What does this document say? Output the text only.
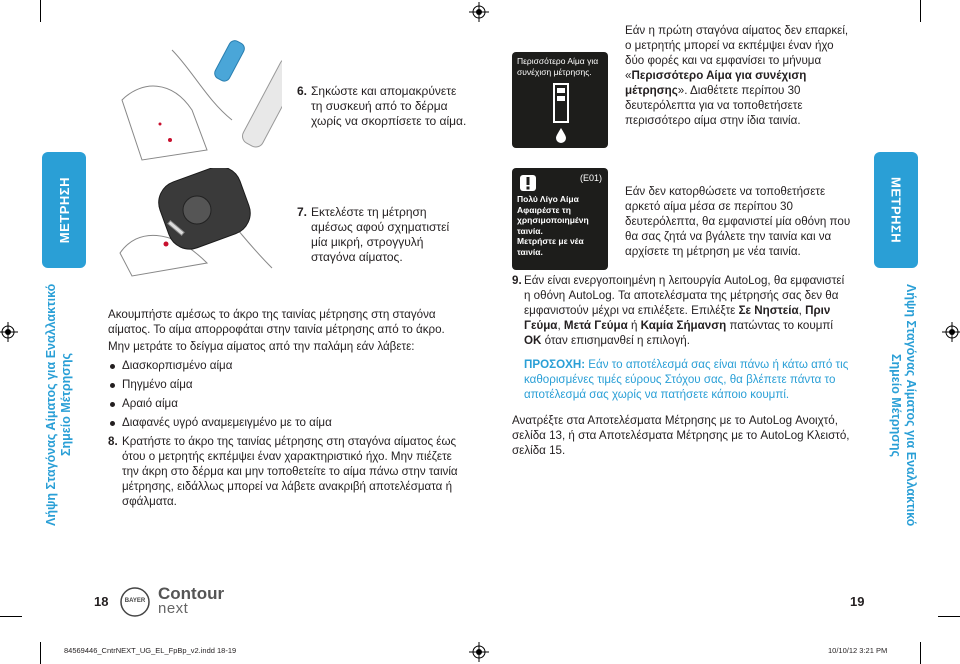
ΜΕΤΡΗΣΗ	ΜΕΤΡΗΣΗ
Λήψη Σταγόνας Αίματος για Εναλλακτικό Σημείο Μέτρησης	Λήψη Σταγόνας Αίματος για Εναλλακτικό Σημείο Μέτρησης
6. Σηκώστε και απομακρύνετε τη συσκευή από το δέρμα χωρίς να σκορπίσετε το αίμα.
7. Εκτελέστε τη μέτρηση αμέσως αφού σχηματιστεί μία μικρή, στρογγυλή σταγόνα αίματος.

Ακουμπήστε αμέσως το άκρο της ταινίας μέτρησης στη σταγόνα αίματος. Το αίμα απορροφάται στην ταινία μέτρησης από το άκρο.

Μην μετράτε το δείγμα αίματος από την παλάμη εάν λάβετε:

Διασκορπισμένο αίμα
Πηγμένο αίμα
Αραιό αίμα
Διαφανές υγρό αναμεμειγμένο με το αίμα
8. Κρατήστε το άκρο της ταινίας μέτρησης στη σταγόνα αίματος έως ότου ο μετρητής εκπέμψει έναν χαρακτηριστικό ήχο. Μην πιέζετε την άκρη στο δέρμα και μην τοποθετείτε το αίμα πάνω στην ταινία μέτρησης, ειδάλλως μπορεί να λάβετε ανακριβή αποτελέσματα ή σφάλματα.
Περισσότερο Αίμα για συνέχιση μέτρησης.
Εάν η πρώτη σταγόνα αίματος δεν επαρκεί, ο μετρητής μπορεί να εκπέμψει έναν ήχο δύο φορές και να εμφανίσει το μήνυμα «Περισσότερο Αίμα για συνέχιση μέτρησης». Διαθέτετε περίπου 30 δευτερόλεπτα για να τοποθετήσετε περισσότερο αίμα στην ίδια ταινία.
(E01)
Πολύ Λίγο Αίμα
Αφαιρέστε τη χρησιμοποιημένη ταινία.
Μετρήστε με νέα ταινία.
Εάν δεν κατορθώσετε να τοποθετήσετε αρκετό αίμα μέσα σε περίπου 30 δευτερόλεπτα, θα εμφανιστεί μία οθόνη που θα σας ζητά να βγάλετε την ταινία και να αρχίσετε τη μέτρηση με νέα ταινία.
9. Εάν είναι ενεργοποιημένη η λειτουργία AutoLog, θα εμφανιστεί η οθόνη AutoLog. Τα αποτελέσματα της μέτρησής σας δεν θα εμφανιστούν μέχρι να επιλέξετε. Επιλέξτε Σε Νηστεία, Πριν Γεύμα, Μετά Γεύμα ή Καμία Σήμανση πατώντας το κουμπί OK όταν επισημανθεί η επιλογή.
ΠΡΟΣΟΧΗ: Εάν το αποτέλεσμά σας είναι πάνω ή κάτω από τις καθορισμένες τιμές εύρους Στόχου σας, θα βλέπετε πάντα το αποτέλεσμά σας χωρίς να πατήσετε κάποιο κουμπί.
Ανατρέξτε στα Αποτελέσματα Μέτρησης με το AutoLog Ανοιχτό, σελίδα 13, ή στα Αποτελέσματα Μέτρησης με το AutoLog Κλειστό, σελίδα 15.
18	19
BAYER Contour
next
84569446_CntrNEXT_UG_EL_FpBp_v2.indd 18-19	10/10/12 3:21 PM
